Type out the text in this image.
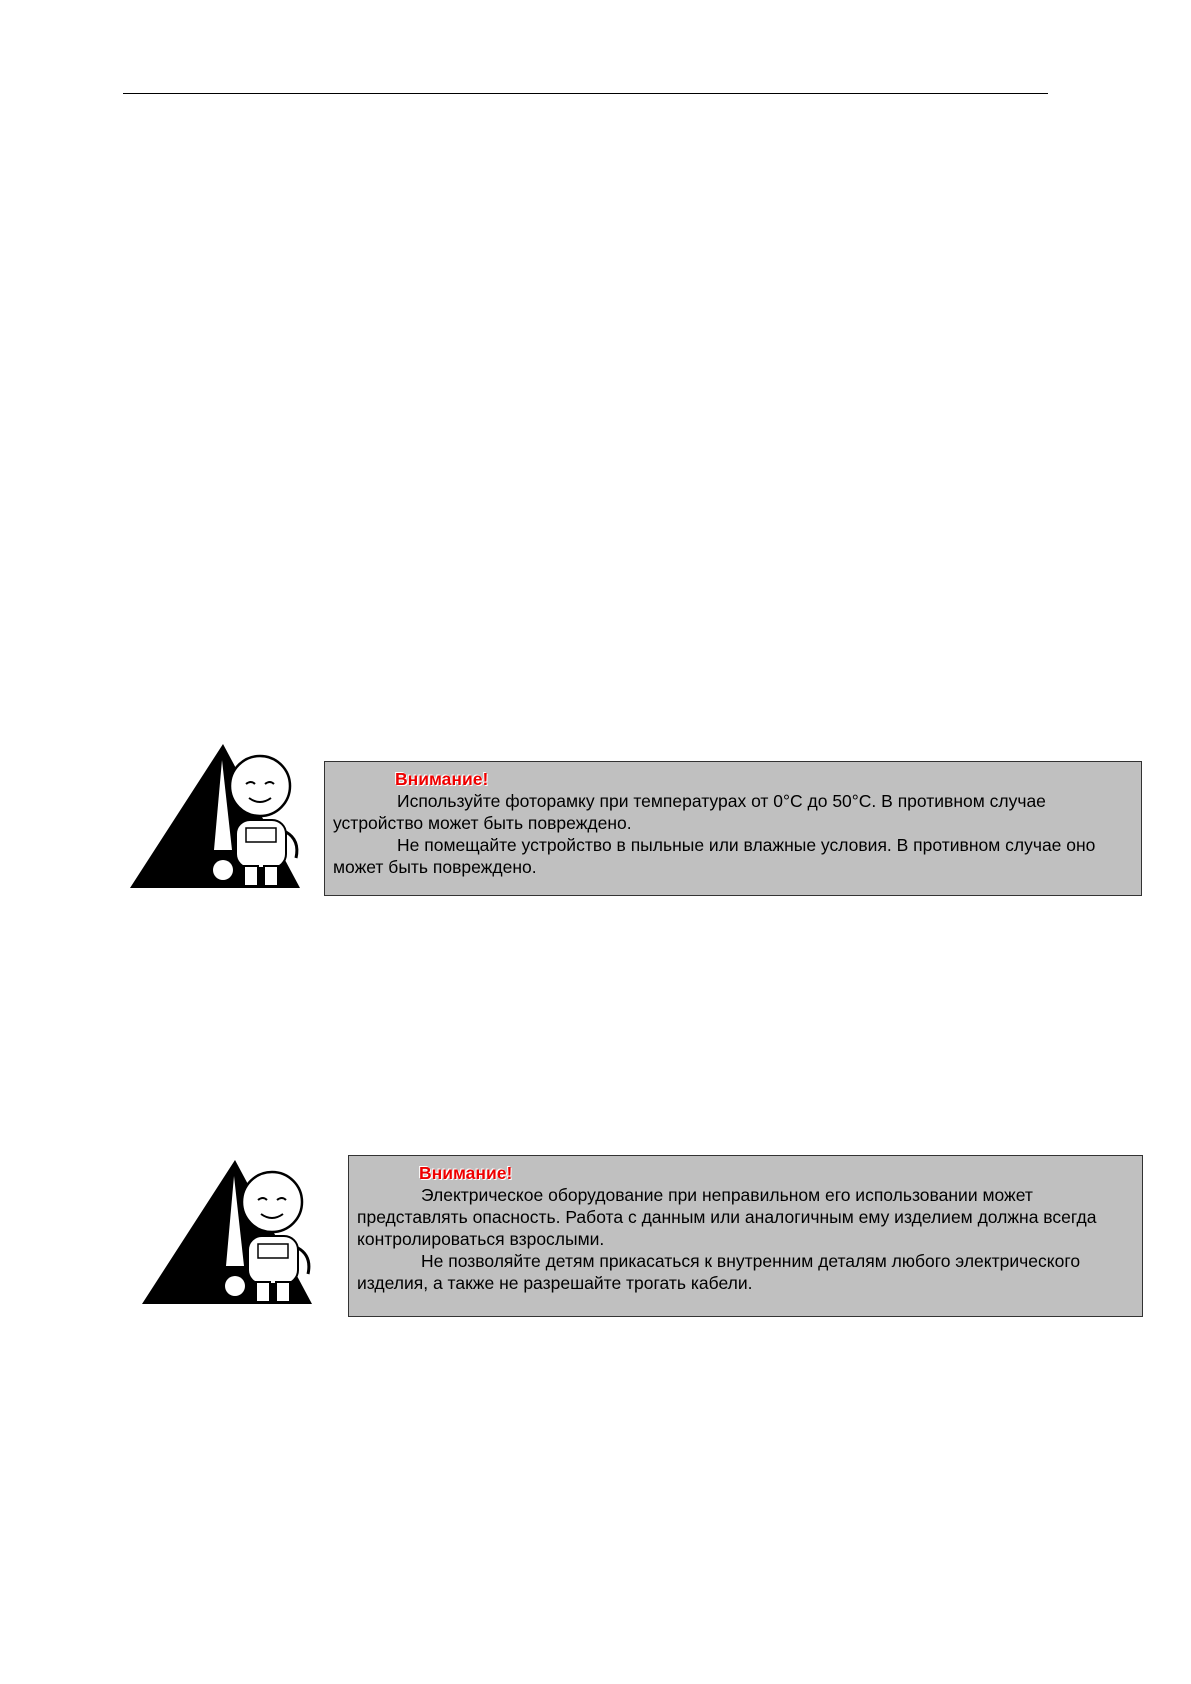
Внимание!

Используйте фоторамку при температурах от 0°C до 50°C. В противном случае устройство может быть повреждено.

Не помещайте устройство в пыльные или влажные условия. В противном случае оно может быть повреждено.

Внимание!

Электрическое оборудование при неправильном его использовании может представлять опасность. Работа с данным или аналогичным ему изделием должна всегда контролироваться взрослыми.

Не позволяйте детям прикасаться к внутренним деталям любого электрического изделия, а также не разрешайте трогать кабели.
